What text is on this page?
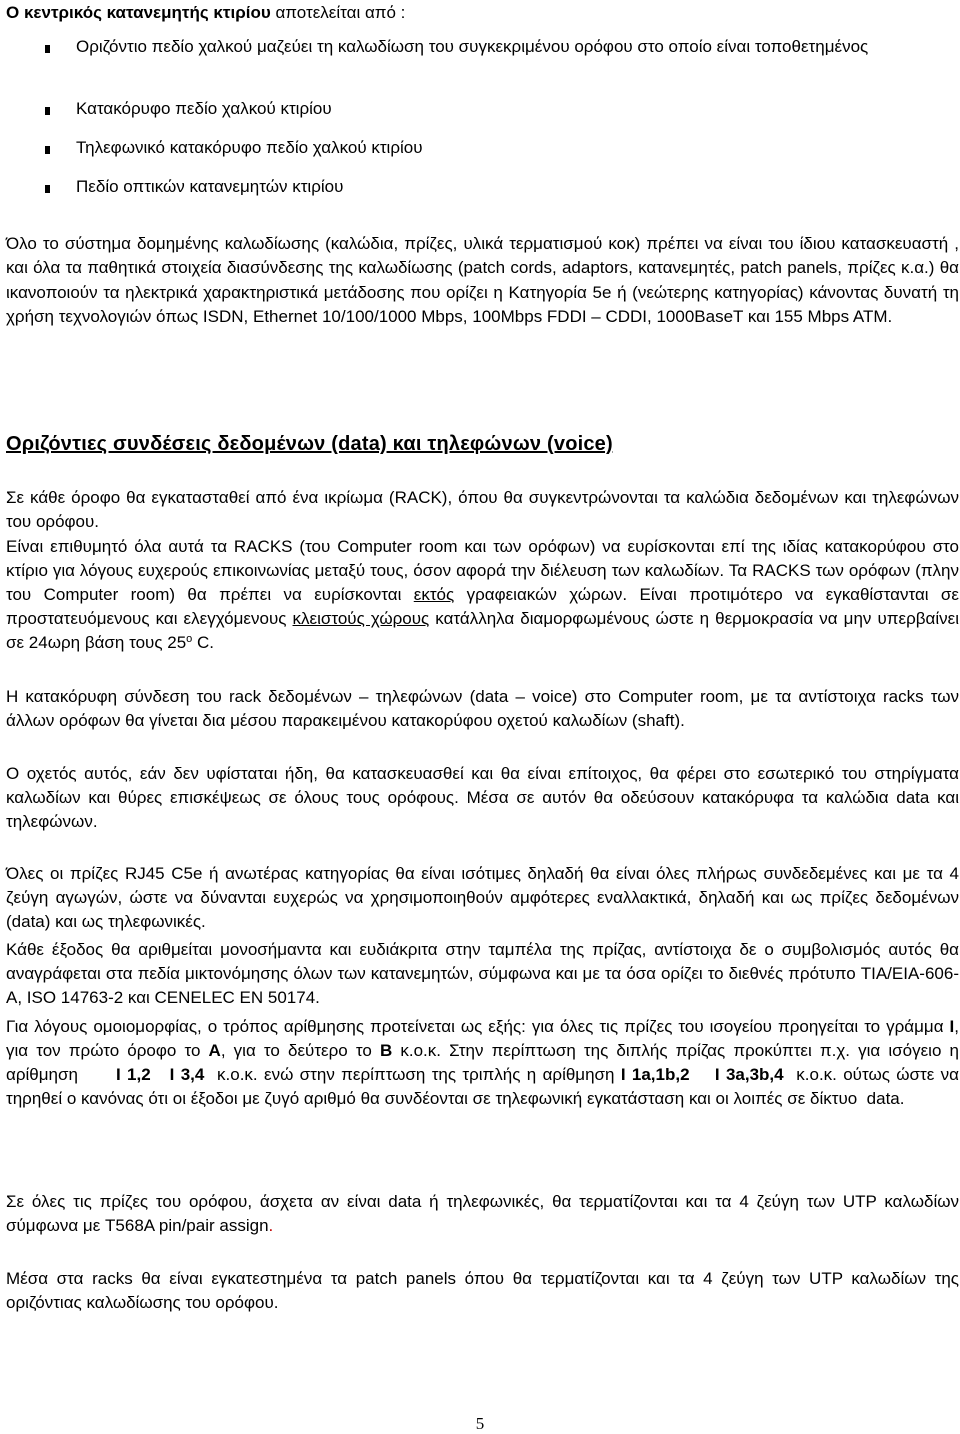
Ο κεντρικός κατανεμητής κτιρίου αποτελείται από :
Οριζόντιο πεδίο χαλκού μαζεύει τη καλωδίωση του συγκεκριμένου ορόφου στο οποίο είναι τοποθετημένος
Κατακόρυφο πεδίο χαλκού κτιρίου
Τηλεφωνικό κατακόρυφο πεδίο χαλκού κτιρίου
Πεδίο οπτικών κατανεμητών κτιρίου

Όλο το σύστημα δομημένης καλωδίωσης (καλώδια, πρίζες, υλικά τερματισμού κοκ) πρέπει να είναι του ίδιου κατασκευαστή , και όλα τα παθητικά στοιχεία διασύνδεσης της καλωδίωσης (patch cords, adaptors, κατανεμητές, patch panels, πρίζες κ.α.) θα ικανοποιούν τα ηλεκτρικά χαρακτηριστικά μετάδοσης που ορίζει η Κατηγορία 5e ή (νεώτερης κατηγορίας) κάνοντας δυνατή τη χρήση τεχνολογιών όπως ISDN, Ethernet 10/100/1000 Mbps, 100Mbps FDDI – CDDI, 1000BaseT και 155 Mbps ATM.

Οριζόντιες συνδέσεις δεδομένων (data) και τηλεφώνων (voice)

Σε κάθε όροφο θα εγκατασταθεί από ένα ικρίωμα (RACK), όπου θα συγκεντρώνονται τα καλώδια δεδομένων και τηλεφώνων του ορόφου.

Είναι επιθυμητό όλα αυτά τα RACKS (του Computer room και των ορόφων) να ευρίσκονται επί της ιδίας κατακορύφου στο κτίριο για λόγους ευχερούς επικοινωνίας μεταξύ τους, όσον αφορά την διέλευση των καλωδίων. Τα RACKS των ορόφων (πλην του Computer room) θα πρέπει να ευρίσκονται εκτός γραφειακών χώρων. Είναι προτιμότερο να εγκαθίστανται σε προστατευόμενους και ελεγχόμενους κλειστούς χώρους κατάλληλα διαμορφωμένους ώστε η θερμοκρασία να μην υπερβαίνει σε 24ωρη βάση τους $25^o$ C.

Η κατακόρυφη σύνδεση του rack δεδομένων – τηλεφώνων (data – voice) στο Computer room, με τα αντίστοιχα racks των άλλων ορόφων θα γίνεται δια μέσου παρακειμένου κατακορύφου οχετού καλωδίων (shaft).

Ο οχετός αυτός, εάν δεν υφίσταται ήδη, θα κατασκευασθεί και θα είναι επίτοιχος, θα φέρει στο εσωτερικό του στηρίγματα καλωδίων και θύρες επισκέψεως σε όλους τους ορόφους. Μέσα σε αυτόν θα οδεύσουν κατακόρυφα τα καλώδια data και τηλεφώνων.

Όλες οι πρίζες RJ45 C5e ή ανωτέρας κατηγορίας θα είναι ισότιμες δηλαδή θα είναι όλες πλήρως συνδεδεμένες και με τα 4 ζεύγη αγωγών, ώστε να δύνανται ευχερώς να χρησιμοποιηθούν αμφότερες εναλλακτικά, δηλαδή και ως πρίζες δεδομένων (data) και ως τηλεφωνικές.

Κάθε έξοδος θα αριθμείται μονοσήμαντα και ευδιάκριτα στην ταμπέλα της πρίζας, αντίστοιχα δε ο συμβολισμός αυτός θα αναγράφεται στα πεδία μικτονόμησης όλων των κατανεμητών, σύμφωνα και με τα όσα ορίζει το διεθνές πρότυπο TIA/EIA-606-A, ISO 14763-2 και CENELEC EN 50174.

Για λόγους ομοιομορφίας, ο τρόπος αρίθμησης προτείνεται ως εξής: για όλες τις πρίζες του ισογείου προηγείται το γράμμα I, για τον πρώτο όροφο το A, για το δεύτερο το B κ.ο.κ. Στην περίπτωση της διπλής πρίζας προκύπτει π.χ. για ισόγειο η αρίθμηση      I 1,2   I 3,4  κ.ο.κ. ενώ στην περίπτωση της τριπλής η αρίθμηση I 1a,1b,2    I 3a,3b,4  κ.ο.κ. ούτως ώστε να τηρηθεί ο κανόνας ότι οι έξοδοι με ζυγό αριθμό θα συνδέονται σε τηλεφωνική εγκατάσταση και οι λοιπές σε δίκτυο  data.

Σε όλες τις πρίζες του ορόφου, άσχετα αν είναι data ή τηλεφωνικές, θα τερματίζονται και τα 4 ζεύγη των UTP καλωδίων σύμφωνα με T568A pin/pair assign.

Μέσα στα racks θα είναι εγκατεστημένα τα patch panels όπου θα τερματίζονται και τα 4 ζεύγη των UTP καλωδίων της οριζόντιας καλωδίωσης του ορόφου.

5
